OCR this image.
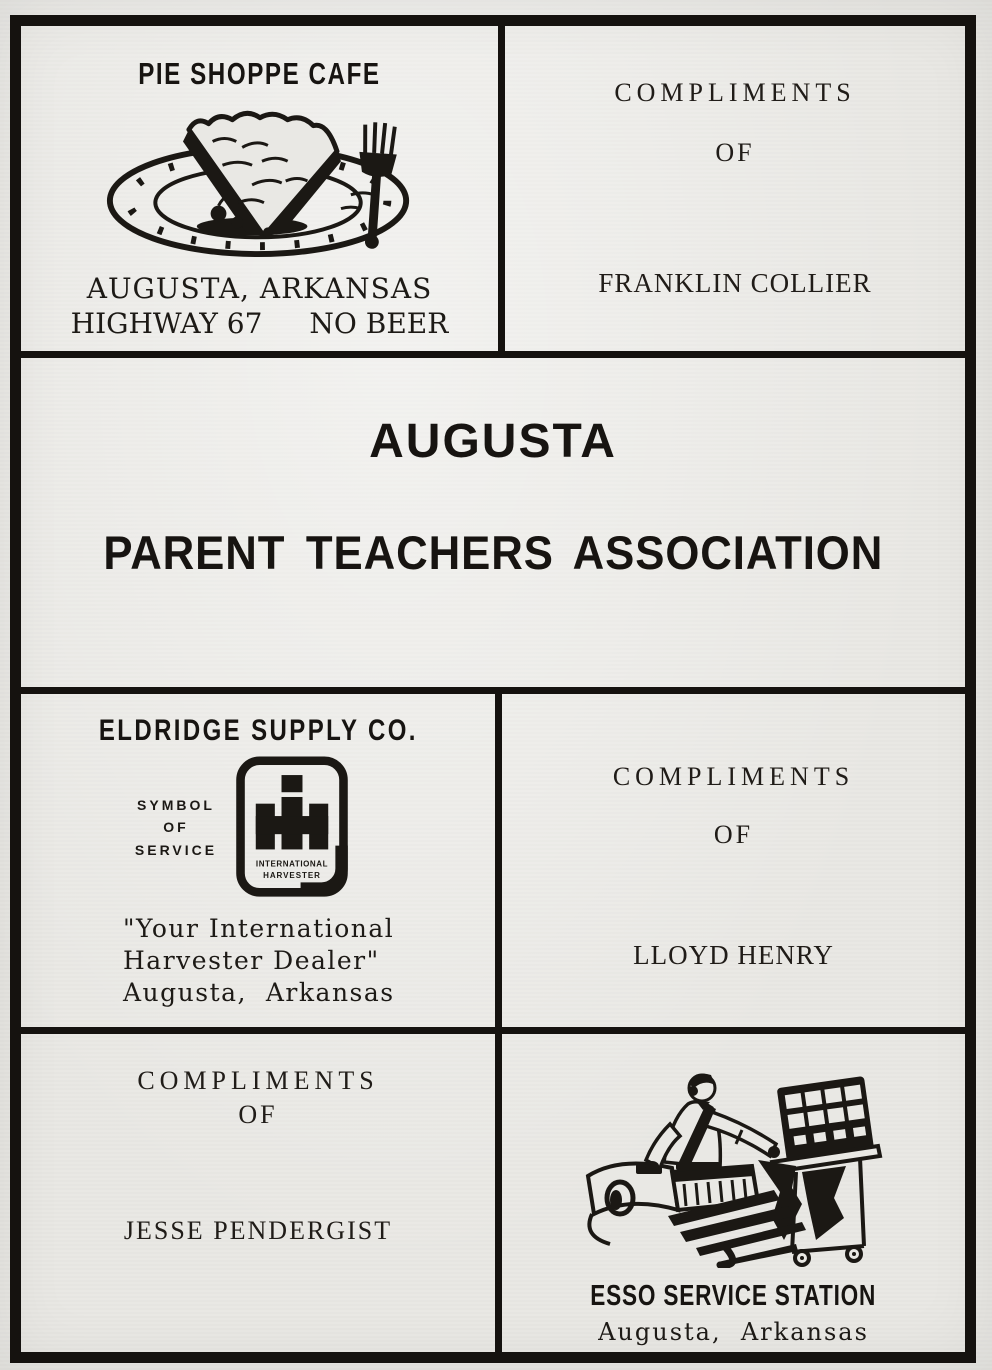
PIE SHOPPE CAFE
AUGUSTA, ARKANSAS
HIGHWAY 67 NO BEER
COMPLIMENTS
OF
FRANKLIN COLLIER
AUGUSTA
PARENT TEACHERS ASSOCIATION
ELDRIDGE SUPPLY CO.
SYMBOL
OF
SERVICE
INTERNATIONAL
HARVESTER
"Your International
Harvester Dealer"
Augusta,  Arkansas
COMPLIMENTS
OF
LLOYD HENRY
COMPLIMENTS
OF
JESSE PENDERGIST
ESSO SERVICE STATION
Augusta,  Arkansas
